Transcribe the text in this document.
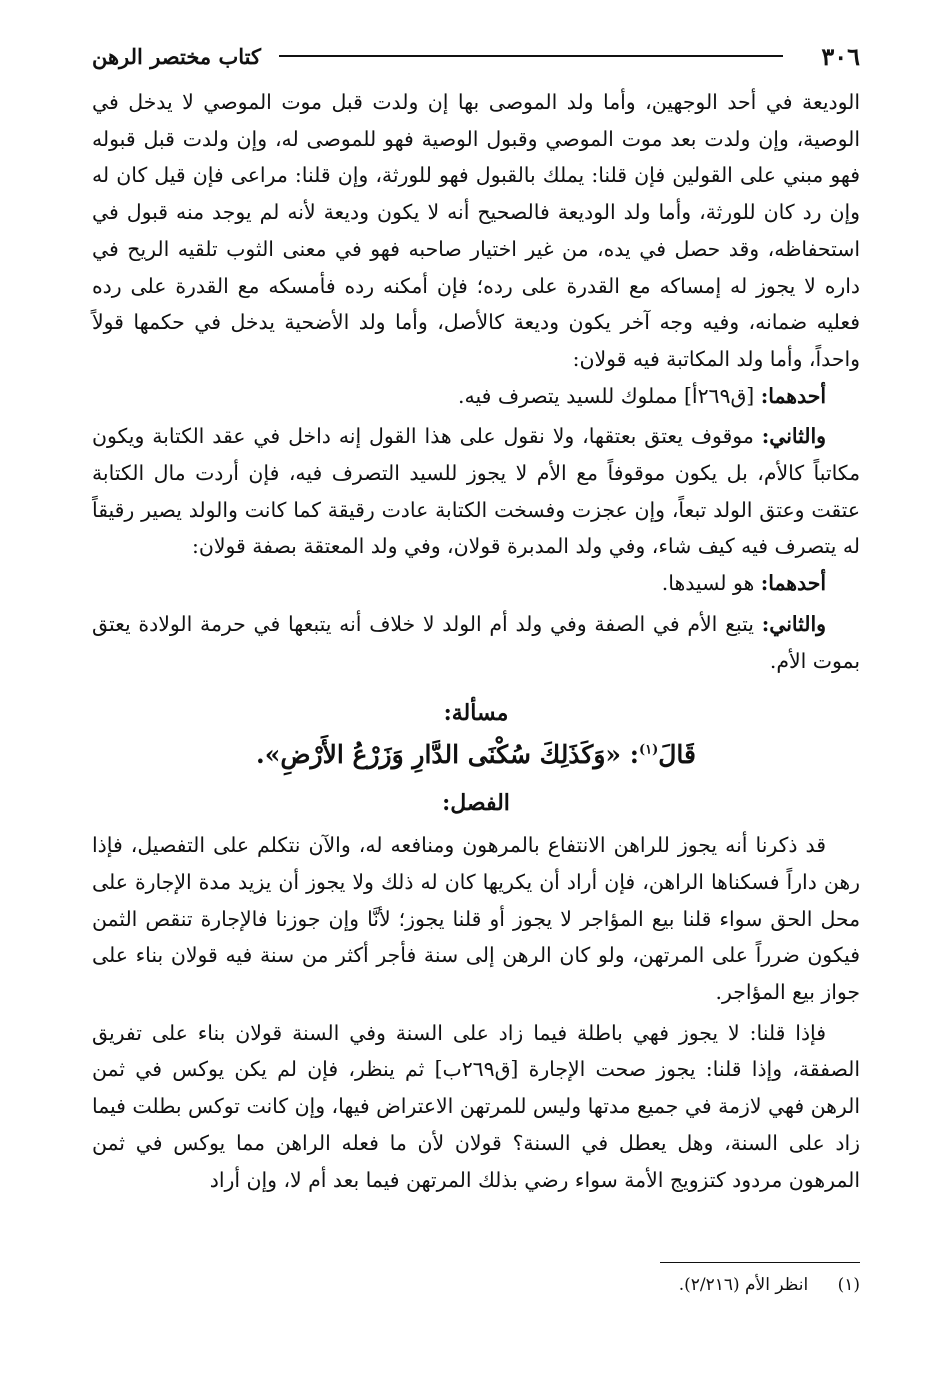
٣٠٦
كتاب مختصر الرهن

الوديعة في أحد الوجهين، وأما ولد الموصى بها إن ولدت قبل موت الموصي لا يدخل في الوصية، وإن ولدت بعد موت الموصي وقبول الوصية فهو للموصى له، وإن ولدت قبل قبوله فهو مبني على القولين فإن قلنا: يملك بالقبول فهو للورثة، وإن قلنا: مراعى فإن قيل كان له وإن رد كان للورثة، وأما ولد الوديعة فالصحيح أنه لا يكون وديعة لأنه لم يوجد منه قبول في استحفاظه، وقد حصل في يده، من غير اختيار صاحبه فهو في معنى الثوب تلقيه الريح في داره لا يجوز له إمساكه مع القدرة على رده؛ فإن أمكنه رده فأمسكه مع القدرة على رده فعليه ضمانه، وفيه وجه آخر يكون وديعة كالأصل، وأما ولد الأضحية يدخل في حكمها قولاً واحداً، وأما ولد المكاتبة فيه قولان:

أحدهما: [ق٢٦٩أ] مملوك للسيد يتصرف فيه.

والثاني: موقوف يعتق بعتقها، ولا نقول على هذا القول إنه داخل في عقد الكتابة ويكون مكاتباً كالأم، بل يكون موقوفاً مع الأم لا يجوز للسيد التصرف فيه، فإن أردت مال الكتابة عتقت وعتق الولد تبعاً، وإن عجزت وفسخت الكتابة عادت رقيقة كما كانت والولد يصير رقيقاً له يتصرف فيه كيف شاء، وفي ولد المدبرة قولان، وفي ولد المعتقة بصفة قولان:

أحدهما: هو لسيدها.

والثاني: يتبع الأم في الصفة وفي ولد أم الولد لا خلاف أنه يتبعها في حرمة الولادة يعتق بموت الأم.

مسألة:

قَالَ$^{(١)}$: «وَكَذَلِكَ سُكْنَى الدَّارِ وَزَرْعُ الأَرْضِ».

الفصل:

قد ذكرنا أنه يجوز للراهن الانتفاع بالمرهون ومنافعه له، والآن نتكلم على التفصيل، فإذا رهن داراً فسكناها الراهن، فإن أراد أن يكريها كان له ذلك ولا يجوز أن يزيد مدة الإجارة على محل الحق سواء قلنا بيع المؤاجر لا يجوز أو قلنا يجوز؛ لأنَّا وإن جوزنا فالإجارة تنقص الثمن فيكون ضرراً على المرتهن، ولو كان الرهن إلى سنة فأجر أكثر من سنة فيه قولان بناء على جواز بيع المؤاجر.

فإذا قلنا: لا يجوز فهي باطلة فيما زاد على السنة وفي السنة قولان بناء على تفريق الصفقة، وإذا قلنا: يجوز صحت الإجارة [ق٢٦٩ب] ثم ينظر، فإن لم يكن يوكس في ثمن الرهن فهي لازمة في جميع مدتها وليس للمرتهن الاعتراض فيها، وإن كانت توكس بطلت فيما زاد على السنة، وهل يعطل في السنة؟ قولان لأن ما فعله الراهن مما يوكس في ثمن المرهون مردود كتزويج الأمة سواء رضي بذلك المرتهن فيما بعد أم لا، وإن أراد

(١) انظر الأم (٢/٢١٦).
